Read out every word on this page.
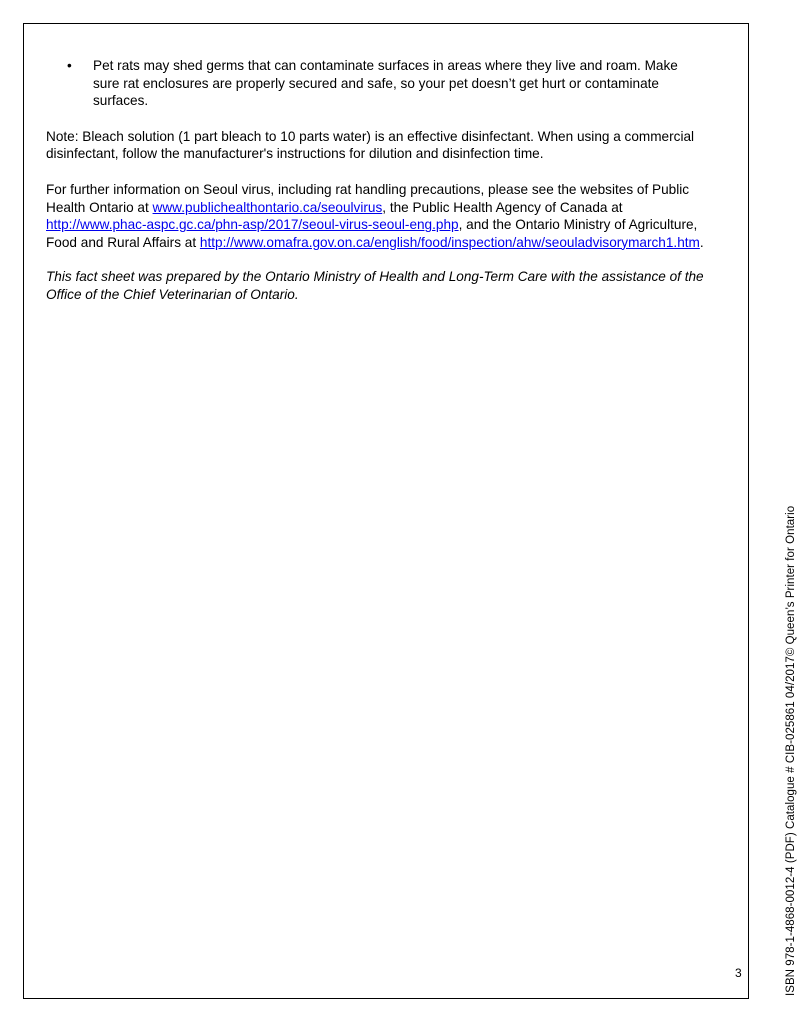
• Pet rats may shed germs that can contaminate surfaces in areas where they live and roam. Make sure rat enclosures are properly secured and safe, so your pet doesn’t get hurt or contaminate surfaces.

Note: Bleach solution (1 part bleach to 10 parts water) is an effective disinfectant. When using a commercial disinfectant, follow the manufacturer's instructions for dilution and disinfection time.

For further information on Seoul virus, including rat handling precautions, please see the websites of Public Health Ontario at www.publichealthontario.ca/seoulvirus, the Public Health Agency of Canada at http://www.phac-aspc.gc.ca/phn-asp/2017/seoul-virus-seoul-eng.php, and the Ontario Ministry of Agriculture, Food and Rural Affairs at http://www.omafra.gov.on.ca/english/food/inspection/ahw/seouladvisorymarch1.htm.

This fact sheet was prepared by the Ontario Ministry of Health and Long-Term Care with the assistance of the Office of the Chief Veterinarian of Ontario.

3	ISBN 978-1-4868-0012-4 (PDF) Catalogue # CIB-025861 04/2017© Queen’s Printer for Ontario
